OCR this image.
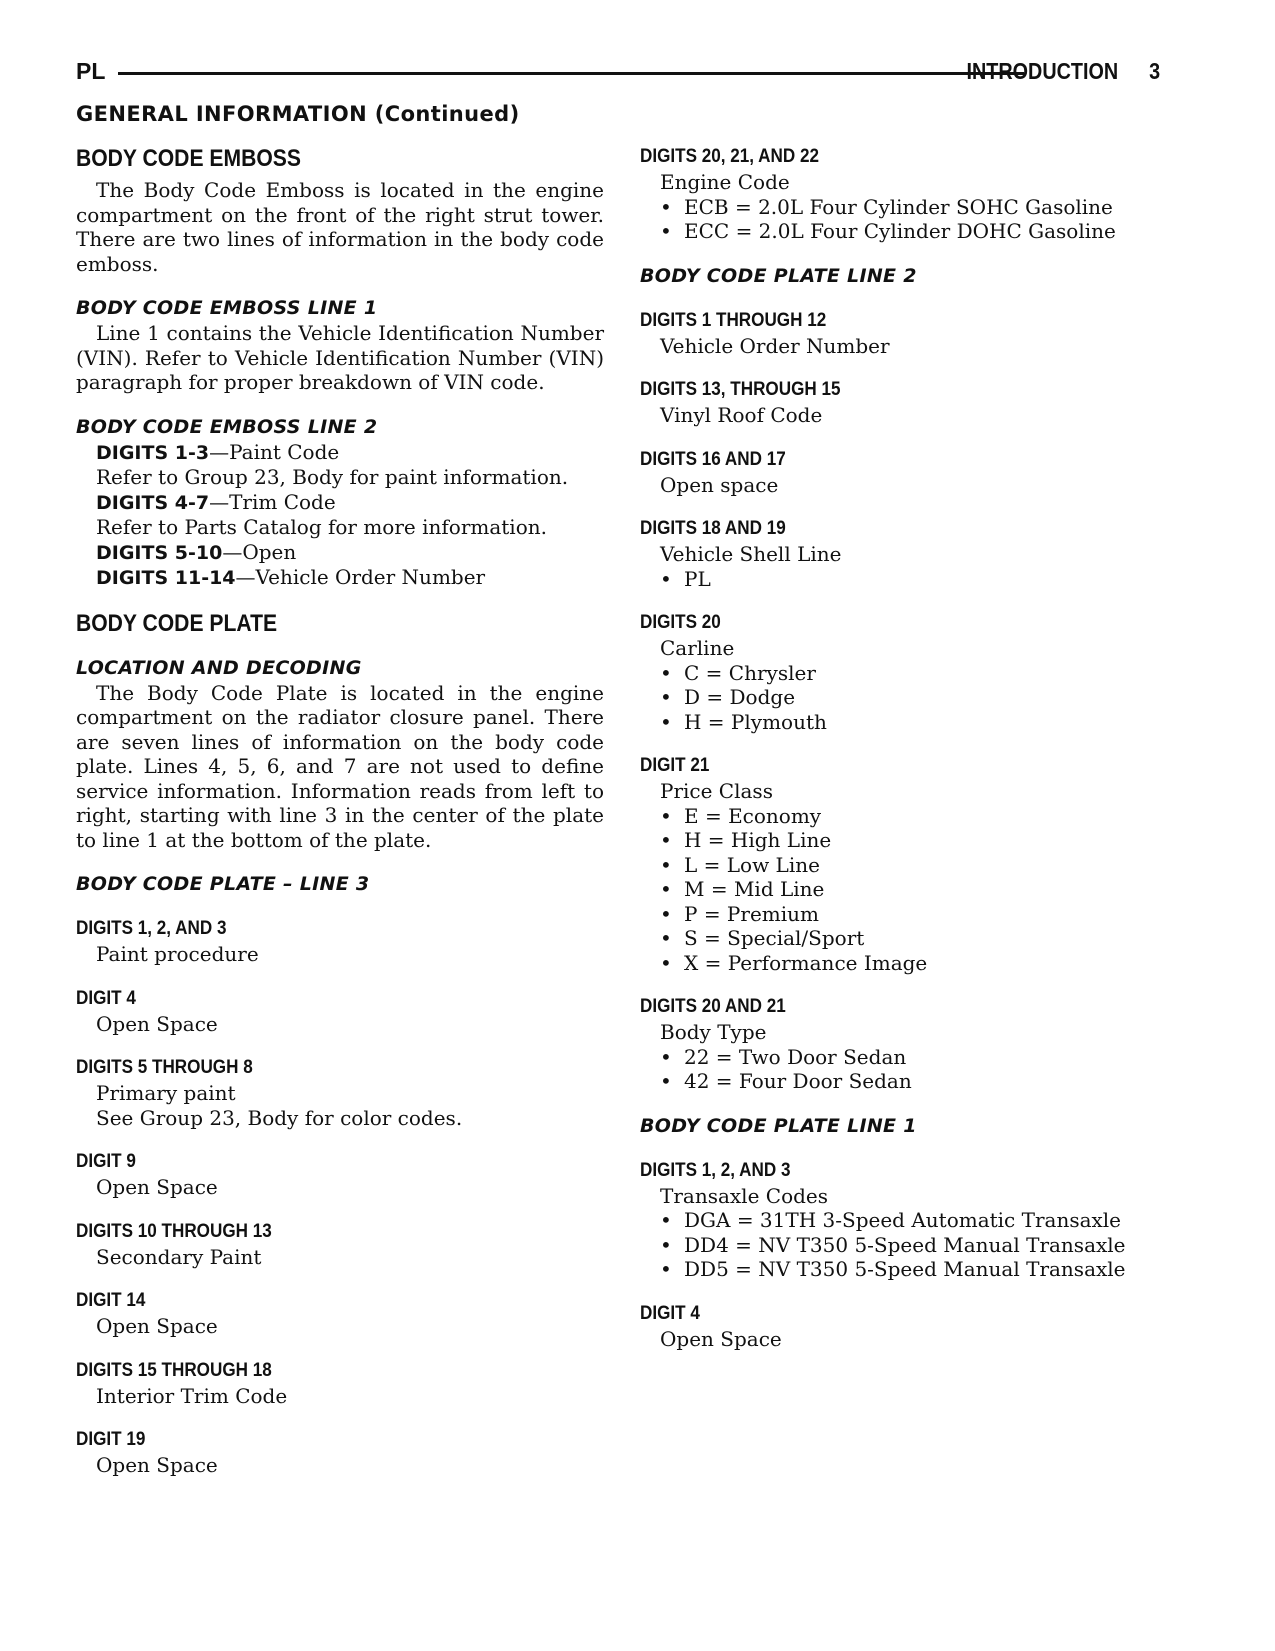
PL	INTRODUCTION 3
GENERAL INFORMATION (Continued)
BODY CODE EMBOSS

The Body Code Emboss is located in the engine compartment on the front of the right strut tower. There are two lines of information in the body code emboss.

BODY CODE EMBOSS LINE 1

Line 1 contains the Vehicle Identification Number (VIN). Refer to Vehicle Identification Number (VIN) paragraph for proper breakdown of VIN code.

BODY CODE EMBOSS LINE 2

DIGITS 1-3—Paint Code

Refer to Group 23, Body for paint information.

DIGITS 4-7—Trim Code

Refer to Parts Catalog for more information.

DIGITS 5-10—Open

DIGITS 11-14—Vehicle Order Number

BODY CODE PLATE
LOCATION AND DECODING

The Body Code Plate is located in the engine compartment on the radiator closure panel. There are seven lines of information on the body code plate. Lines 4, 5, 6, and 7 are not used to define service information. Information reads from left to right, starting with line 3 in the center of the plate to line 1 at the bottom of the plate.

BODY CODE PLATE – LINE 3
DIGITS 1, 2, AND 3

Paint procedure

DIGIT 4

Open Space

DIGITS 5 THROUGH 8

Primary paint

See Group 23, Body for color codes.

DIGIT 9

Open Space

DIGITS 10 THROUGH 13

Secondary Paint

DIGIT 14

Open Space

DIGITS 15 THROUGH 18

Interior Trim Code

DIGIT 19

Open Space

DIGITS 20, 21, AND 22

Engine Code

• ECB = 2.0L Four Cylinder SOHC Gasoline

• ECC = 2.0L Four Cylinder DOHC Gasoline

BODY CODE PLATE LINE 2
DIGITS 1 THROUGH 12

Vehicle Order Number

DIGITS 13, THROUGH 15

Vinyl Roof Code

DIGITS 16 AND 17

Open space

DIGITS 18 AND 19

Vehicle Shell Line

• PL

DIGITS 20

Carline

• C = Chrysler

• D = Dodge

• H = Plymouth

DIGIT 21

Price Class

• E = Economy

• H = High Line

• L = Low Line

• M = Mid Line

• P = Premium

• S = Special/Sport

• X = Performance Image

DIGITS 20 AND 21

Body Type

• 22 = Two Door Sedan

• 42 = Four Door Sedan

BODY CODE PLATE LINE 1
DIGITS 1, 2, AND 3

Transaxle Codes

• DGA = 31TH 3-Speed Automatic Transaxle

• DD4 = NV T350 5-Speed Manual Transaxle

• DD5 = NV T350 5-Speed Manual Transaxle

DIGIT 4

Open Space
